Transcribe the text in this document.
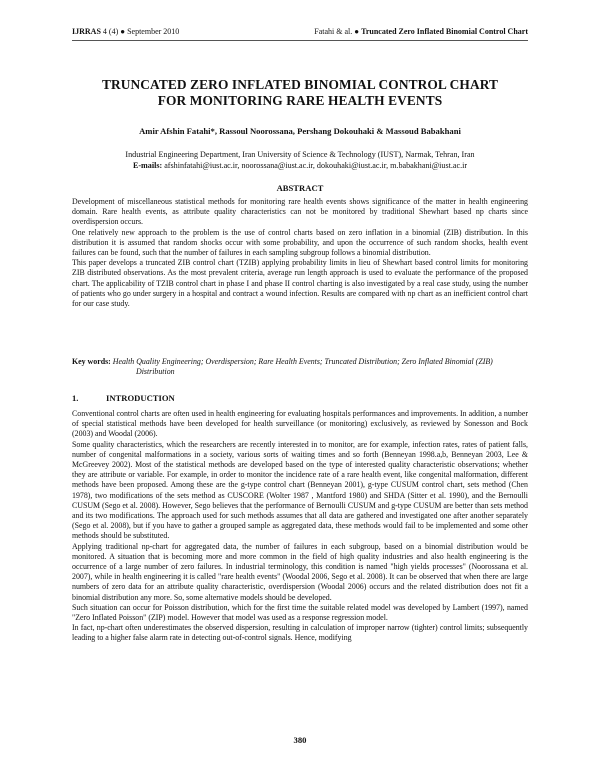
IJRRAS 4 (4) ● September 2010	Fatahi & al. ● Truncated Zero Inflated Binomial Control Chart
TRUNCATED ZERO INFLATED BINOMIAL CONTROL CHART
FOR MONITORING RARE HEALTH EVENTS
Amir Afshin Fatahi*, Rassoul Noorossana, Pershang Dokouhaki & Massoud Babakhani
Industrial Engineering Department, Iran University of Science & Technology (IUST), Narmak, Tehran, Iran
E-mails: afshinfatahi@iust.ac.ir, noorossana@iust.ac.ir, dokouhaki@iust.ac.ir, m.babakhani@iust.ac.ir
ABSTRACT

Development of miscellaneous statistical methods for monitoring rare health events shows significance of the matter in health engineering domain. Rare health events, as attribute quality characteristics can not be monitored by traditional Shewhart based np charts since overdispersion occurs.

One relatively new approach to the problem is the use of control charts based on zero inflation in a binomial (ZIB) distribution. In this distribution it is assumed that random shocks occur with some probability, and upon the occurrence of such random shocks, health event failures can be found, such that the number of failures in each sampling subgroup follows a binomial distribution.

This paper develops a truncated ZIB control chart (TZIB) applying probability limits in lieu of Shewhart based control limits for monitoring ZIB distributed observations. As the most prevalent criteria, average run length approach is used to evaluate the performance of the proposed chart. The applicability of TZIB control chart in phase I and phase II control charting is also investigated by a real case study, using the number of patients who go under surgery in a hospital and contract a wound infection. Results are compared with np chart as an inefficient control chart for our case study.

Key words: Health Quality Engineering; Overdispersion; Rare Health Events; Truncated Distribution; Zero Inflated Binomial (ZIB) Distribution
1.	INTRODUCTION

Conventional control charts are often used in health engineering for evaluating hospitals performances and improvements. In addition, a number of special statistical methods have been developed for health surveillance (or monitoring) exclusively, as reviewed by Sonesson and Bock (2003) and Woodal (2006).

Some quality characteristics, which the researchers are recently interested in to monitor, are for example, infection rates, rates of patient falls, number of congenital malformations in a society, various sorts of waiting times and so forth (Benneyan 1998.a,b, Benneyan 2003, Lee & McGreevey 2002). Most of the statistical methods are developed based on the type of interested quality characteristic observations; whether they are attribute or variable. For example, in order to monitor the incidence rate of a rare health event, like congenital malformation, different methods have been proposed. Among these are the g-type control chart (Benneyan 2001), g-type CUSUM control chart, sets method (Chen 1978), two modifications of the sets method as CUSCORE (Wolter 1987 , Mantford 1980) and SHDA (Sitter et al. 1990), and the Bernoulli CUSUM (Sego et al. 2008). However, Sego believes that the performance of Bernoulli CUSUM and g-type CUSUM are better than sets method and its two modifications. The approach used for such methods assumes that all data are gathered and investigated one after another separately (Sego et al. 2008), but if you have to gather a grouped sample as aggregated data, these methods would fail to be implemented and some other methods should be substituted.

Applying traditional np-chart for aggregated data, the number of failures in each subgroup, based on a binomial distribution would be monitored. A situation that is becoming more and more common in the field of high quality industries and also health engineering is the occurrence of a large number of zero failures. In industrial terminology, this condition is named "high yields processes" (Noorossana et al. 2007), while in health engineering it is called "rare health events" (Woodal 2006, Sego et al. 2008). It can be observed that when there are large numbers of zero data for an attribute quality characteristic, overdispersion (Woodal 2006) occurs and the related distribution does not fit a binomial distribution any more. So, some alternative models should be developed.

Such situation can occur for Poisson distribution, which for the first time the suitable related model was developed by Lambert (1997), named "Zero Inflated Poisson" (ZIP) model. However that model was used as a response regression model.

In fact, np-chart often underestimates the observed dispersion, resulting in calculation of improper narrow (tighter) control limits; subsequently leading to a higher false alarm rate in detecting out-of-control signals. Hence, modifying

380
